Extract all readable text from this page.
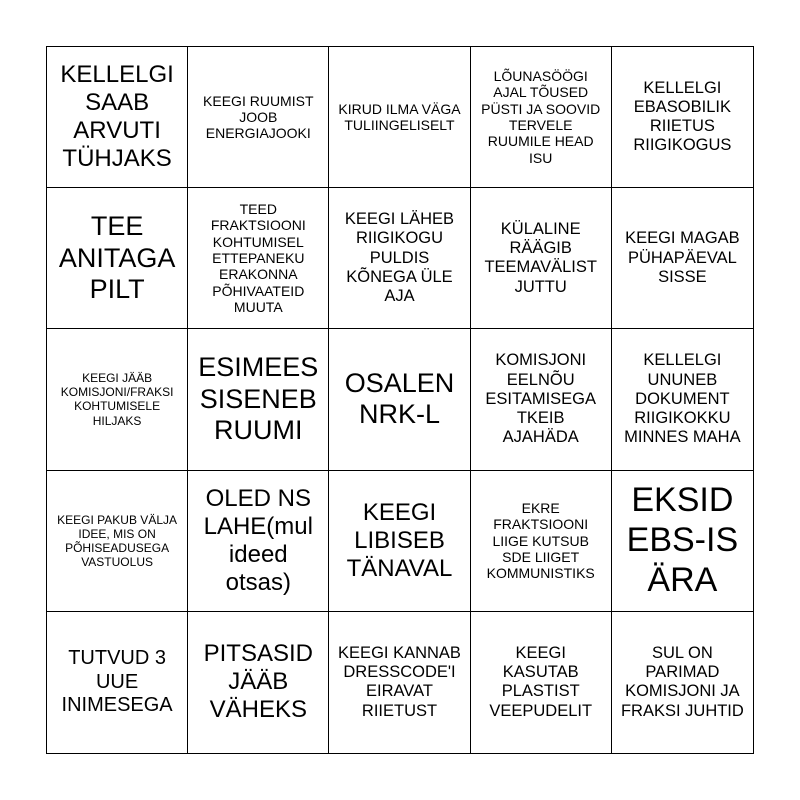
KELLELGI SAAB ARVUTI TÜHJAKS
KEEGI RUUMIST JOOB ENERGIAJOOKI
KIRUD ILMA VÄGA TULIINGELISELT
LÕUNASÖÖGI AJAL TÕUSED PÜSTI JA SOOVID TERVELE RUUMILE HEAD ISU
KELLELGI EBASOBILIK RIIETUS RIIGIKOGUS
TEE ANITAGA PILT
TEED FRAKTSIOONI KOHTUMISEL ETTEPANEKU ERAKONNA PÕHIVAATEID MUUTA
KEEGI LÄHEB RIIGIKOGU PULDIS KÕNEGA ÜLE AJA
KÜLALINE RÄÄGIB TEEMAVÄLIST JUTTU
KEEGI MAGAB PÜHAPÄEVAL SISSE
KEEGI JÄÄB KOMISJONI/FRAKSI KOHTUMISELE HILJAKS
ESIMEES SISENEB RUUMI
OSALEN NRK-L
KOMISJONI EELNÕU ESITAMISEGA TKEIB AJAHÄDA
KELLELGI UNUNEB DOKUMENT RIIGIKOKKU MINNES MAHA
KEEGI PAKUB VÄLJA IDEE, MIS ON PÕHISEADUSEGA VASTUOLUS
OLED NS LAHE(mul ideed otsas)
KEEGI LIBISEB TÄNAVAL
EKRE FRAKTSIOONI LIIGE KUTSUB SDE LIIGET KOMMUNISTIKS
EKSID EBS-IS ÄRA
TUTVUD 3 UUE INIMESEGA
PITSASID JÄÄB VÄHEKS
KEEGI KANNAB DRESSCODE'I EIRAVAT RIIETUST
KEEGI KASUTAB PLASTIST VEEPUDELIT
SUL ON PARIMAD KOMISJONI JA FRAKSI JUHTID
